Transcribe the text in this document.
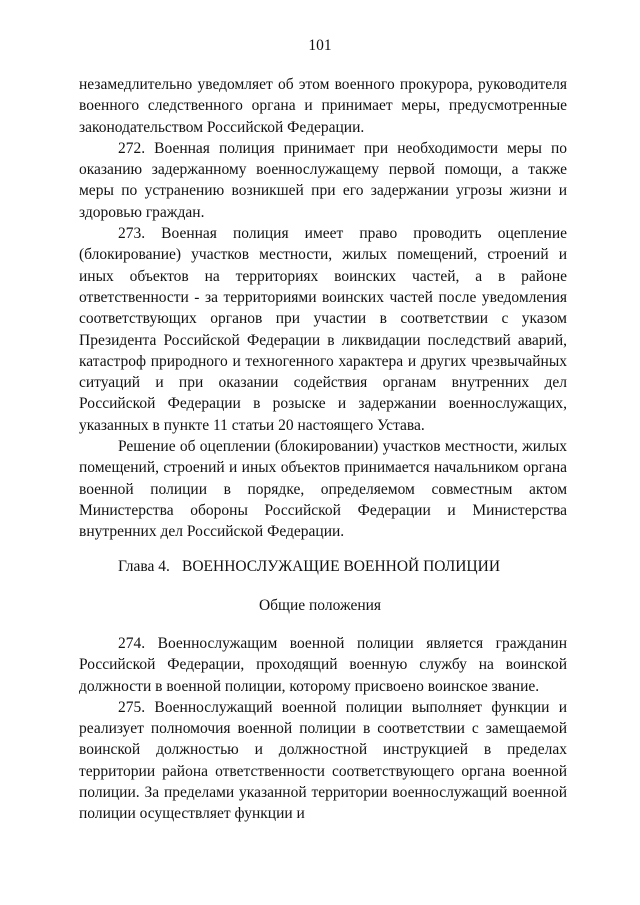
101

незамедлительно уведомляет об этом военного прокурора, руководителя военного следственного органа и принимает меры, предусмотренные законодательством Российской Федерации.

272. Военная полиция принимает при необходимости меры по оказанию задержанному военнослужащему первой помощи, а также меры по устранению возникшей при его задержании угрозы жизни и здоровью граждан.

273. Военная полиция имеет право проводить оцепление (блокирование) участков местности, жилых помещений, строений и иных объектов на территориях воинских частей, а в районе ответственности - за территориями воинских частей после уведомления соответствующих органов при участии в соответствии с указом Президента Российской Федерации в ликвидации последствий аварий, катастроф природного и техногенного характера и других чрезвычайных ситуаций и при оказании содействия органам внутренних дел Российской Федерации в розыске и задержании военнослужащих, указанных в пункте 11 статьи 20 настоящего Устава.

Решение об оцеплении (блокировании) участков местности, жилых помещений, строений и иных объектов принимается начальником органа военной полиции в порядке, определяемом совместным актом Министерства обороны Российской Федерации и Министерства внутренних дел Российской Федерации.

Глава 4. ВОЕННОСЛУЖАЩИЕ ВОЕННОЙ ПОЛИЦИИ
Общие положения

274. Военнослужащим военной полиции является гражданин Российской Федерации, проходящий военную службу на воинской должности в военной полиции, которому присвоено воинское звание.

275. Военнослужащий военной полиции выполняет функции и реализует полномочия военной полиции в соответствии с замещаемой воинской должностью и должностной инструкцией в пределах территории района ответственности соответствующего органа военной полиции. За пределами указанной территории военнослужащий военной полиции осуществляет функции и
